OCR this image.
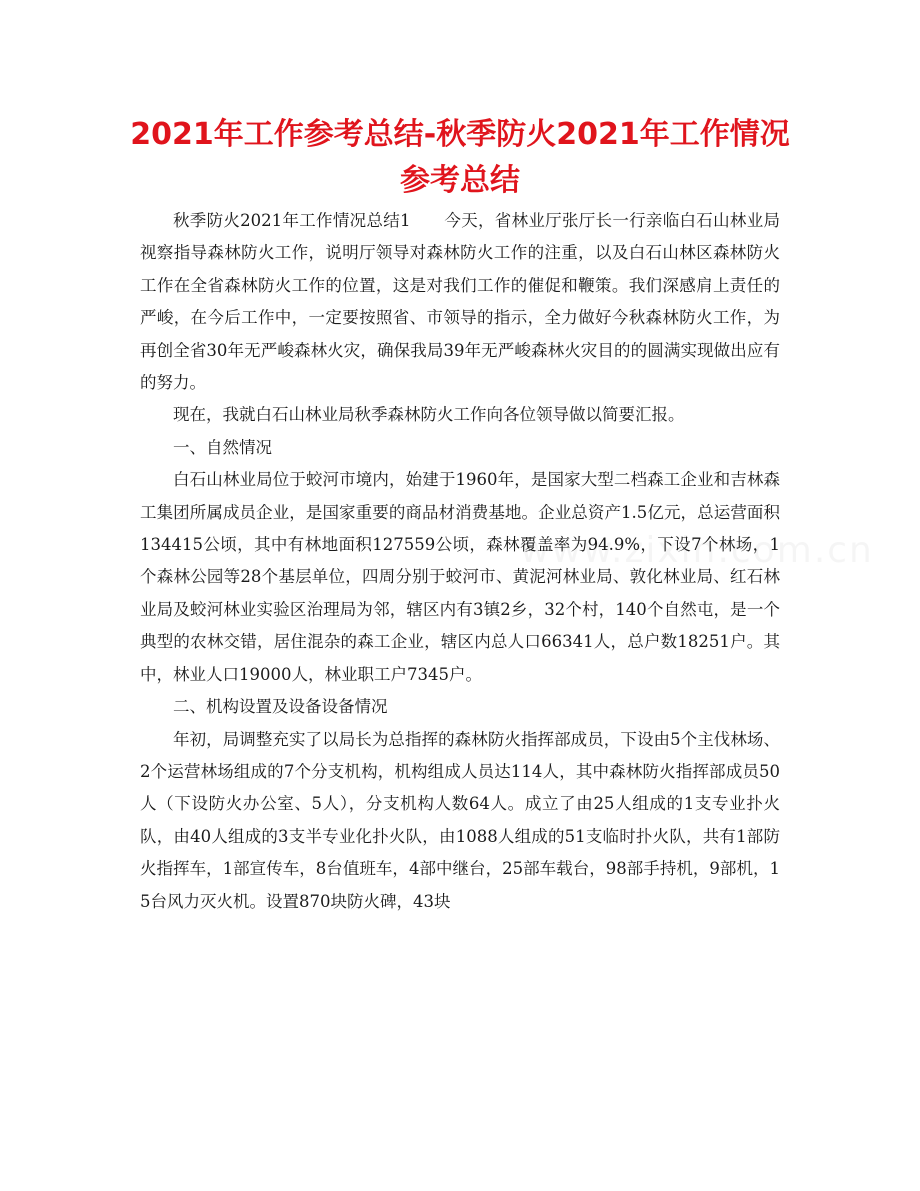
2021年工作参考总结-秋季防火2021年工作情况参考总结

秋季防火2021年工作情况总结1　　今天，省林业厅张厅长一行亲临白石山林业局视察指导森林防火工作，说明厅领导对森林防火工作的注重，以及白石山林区森林防火工作在全省森林防火工作的位置，这是对我们工作的催促和鞭策。我们深感肩上责任的严峻，在今后工作中，一定要按照省、市领导的指示，全力做好今秋森林防火工作，为再创全省30年无严峻森林火灾，确保我局39年无严峻森林火灾目的的圆满实现做出应有的努力。

现在，我就白石山林业局秋季森林防火工作向各位领导做以简要汇报。

一、自然情况

白石山林业局位于蛟河市境内，始建于1960年，是国家大型二档森工企业和吉林森工集团所属成员企业，是国家重要的商品材消费基地。企业总资产1.5亿元，总运营面积134415公顷，其中有林地面积127559公顷，森林覆盖率为94.9%，下设7个林场，1个森林公园等28个基层单位，四周分别于蛟河市、黄泥河林业局、敦化林业局、红石林业局及蛟河林业实验区治理局为邻，辖区内有3镇2乡，32个村，140个自然屯，是一个典型的农林交错，居住混杂的森工企业，辖区内总人口66341人，总户数18251户。其中，林业人口19000人，林业职工户7345户。

二、机构设置及设备设备情况

年初，局调整充实了以局长为总指挥的森林防火指挥部成员，下设由5个主伐林场、2个运营林场组成的7个分支机构，机构组成人员达114人，其中森林防火指挥部成员50人（下设防火办公室、5人），分支机构人数64人。成立了由25人组成的1支专业扑火队，由40人组成的3支半专业化扑火队，由1088人组成的51支临时扑火队，共有1部防火指挥车，1部宣传车，8台值班车，4部中继台，25部车载台，98部手持机，9部机，15台风力灭火机。设置870块防火碑，43块
